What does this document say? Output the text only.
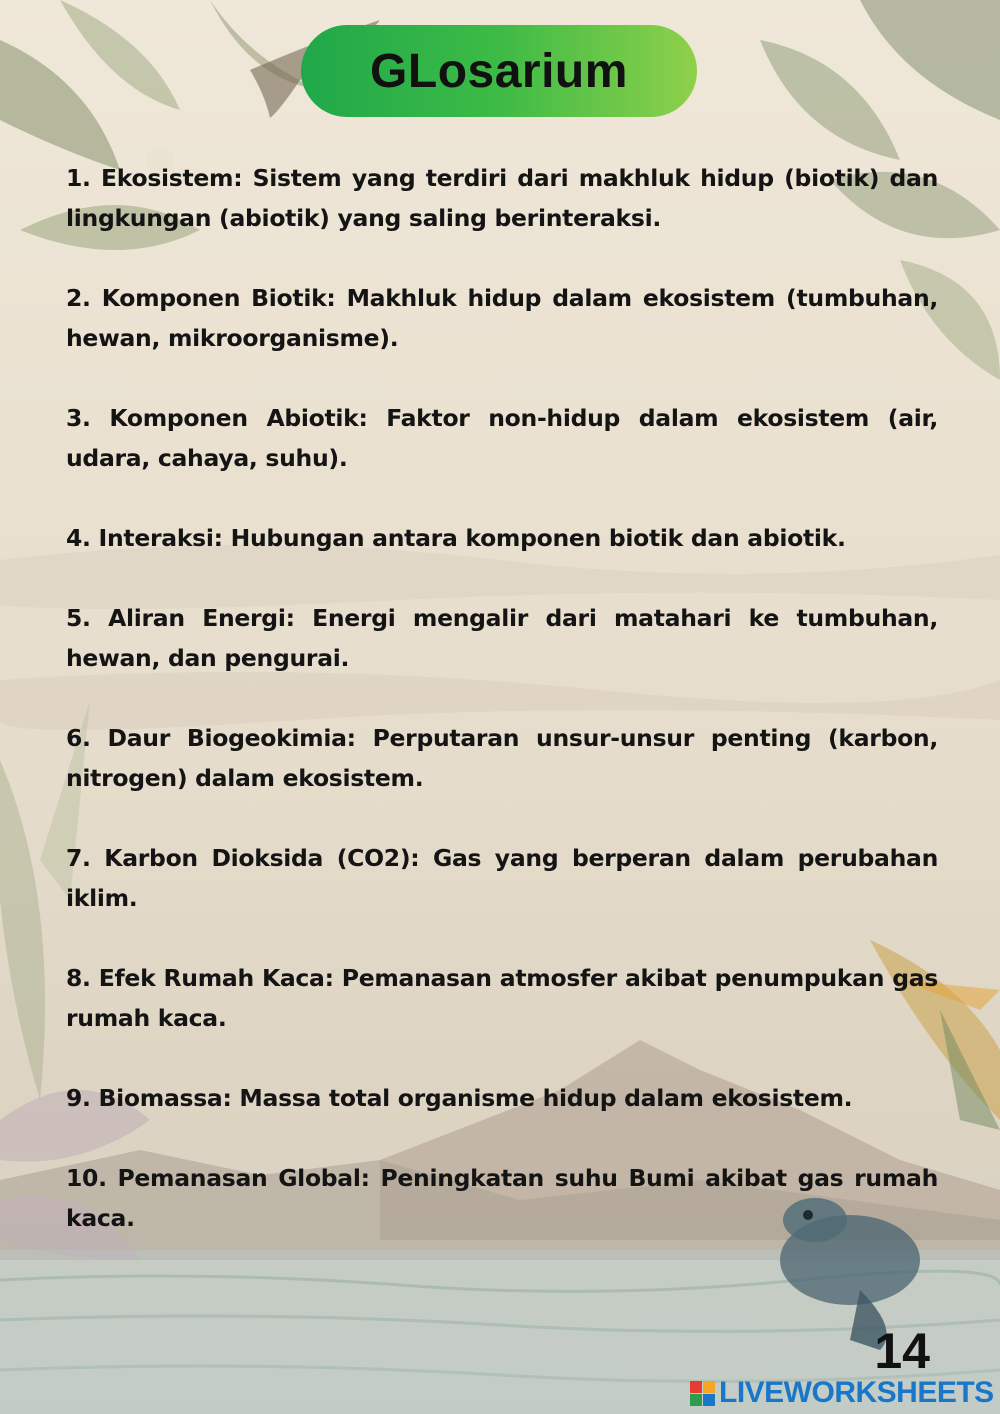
GLosarium
1. Ekosistem: Sistem yang terdiri dari makhluk hidup (biotik) dan lingkungan (abiotik) yang saling berinteraksi.
2. Komponen Biotik: Makhluk hidup dalam ekosistem (tumbuhan, hewan, mikroorganisme).
3. Komponen Abiotik: Faktor non-hidup dalam ekosistem (air, udara, cahaya, suhu).
4. Interaksi: Hubungan antara komponen biotik dan abiotik.
5. Aliran Energi: Energi mengalir dari matahari ke tumbuhan, hewan, dan pengurai.
6. Daur Biogeokimia: Perputaran unsur-unsur penting (karbon, nitrogen) dalam ekosistem.
7. Karbon Dioksida (CO2): Gas yang berperan dalam perubahan iklim.
8. Efek Rumah Kaca: Pemanasan atmosfer akibat penumpukan gas rumah kaca.
9. Biomassa: Massa total organisme hidup dalam ekosistem.
10. Pemanasan Global: Peningkatan suhu Bumi akibat gas rumah kaca.
14
LIVEWORKSHEETS
